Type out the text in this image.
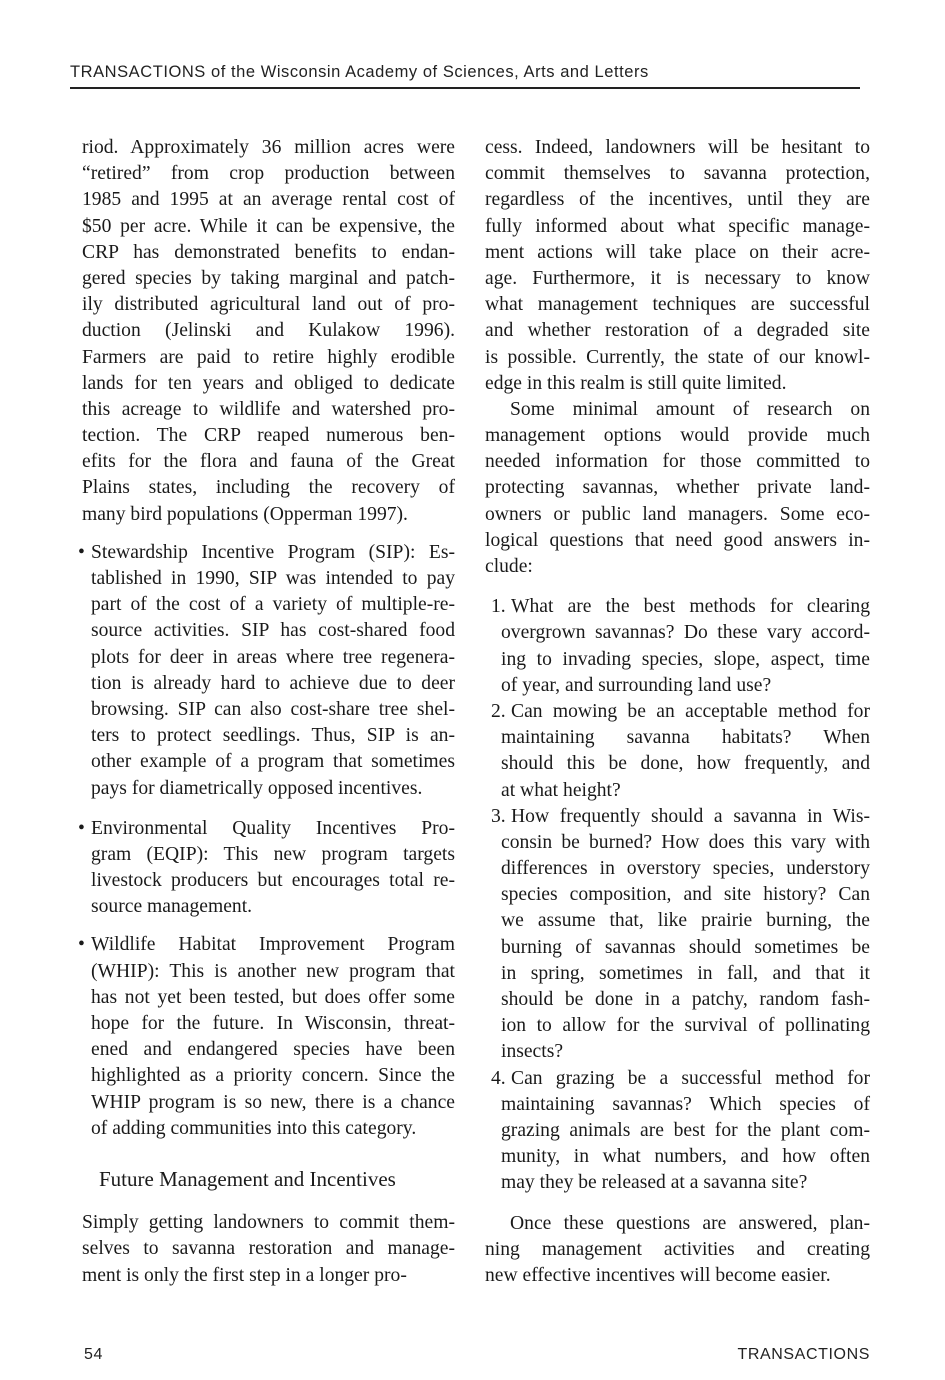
TRANSACTIONS of the Wisconsin Academy of Sciences, Arts and Letters
riod. Approximately 36 million acres were
“retired” from crop production between
1985 and 1995 at an average rental cost of
$50 per acre. While it can be expensive, the
CRP has demonstrated benefits to endan-
gered species by taking marginal and patch-
ily distributed agricultural land out of pro-
duction (Jelinski and Kulakow 1996).
Farmers are paid to retire highly erodible
lands for ten years and obliged to dedicate
this acreage to wildlife and watershed pro-
tection. The CRP reaped numerous ben-
efits for the flora and fauna of the Great
Plains states, including the recovery of
many bird populations (Opperman 1997).
• Stewardship Incentive Program (SIP): Es-
tablished in 1990, SIP was intended to pay
part of the cost of a variety of multiple-re-
source activities. SIP has cost-shared food
plots for deer in areas where tree regenera-
tion is already hard to achieve due to deer
browsing. SIP can also cost-share tree shel-
ters to protect seedlings. Thus, SIP is an-
other example of a program that sometimes
pays for diametrically opposed incentives.
• Environmental Quality Incentives Pro-
gram (EQIP): This new program targets
livestock producers but encourages total re-
source management.
• Wildlife Habitat Improvement Program
(WHIP): This is another new program that
has not yet been tested, but does offer some
hope for the future. In Wisconsin, threat-
ened and endangered species have been
highlighted as a priority concern. Since the
WHIP program is so new, there is a chance
of adding communities into this category.
Future Management and Incentives
Simply getting landowners to commit them-
selves to savanna restoration and manage-
ment is only the first step in a longer pro-
cess. Indeed, landowners will be hesitant to
commit themselves to savanna protection,
regardless of the incentives, until they are
fully informed about what specific manage-
ment actions will take place on their acre-
age. Furthermore, it is necessary to know
what management techniques are successful
and whether restoration of a degraded site
is possible. Currently, the state of our knowl-
edge in this realm is still quite limited.
Some minimal amount of research on
management options would provide much
needed information for those committed to
protecting savannas, whether private land-
owners or public land managers. Some eco-
logical questions that need good answers in-
clude:
1. What are the best methods for clearing
overgrown savannas? Do these vary accord-
ing to invading species, slope, aspect, time
of year, and surrounding land use?
2. Can mowing be an acceptable method for
maintaining savanna habitats? When
should this be done, how frequently, and
at what height?
3. How frequently should a savanna in Wis-
consin be burned? How does this vary with
differences in overstory species, understory
species composition, and site history? Can
we assume that, like prairie burning, the
burning of savannas should sometimes be
in spring, sometimes in fall, and that it
should be done in a patchy, random fash-
ion to allow for the survival of pollinating
insects?
4. Can grazing be a successful method for
maintaining savannas? Which species of
grazing animals are best for the plant com-
munity, in what numbers, and how often
may they be released at a savanna site?
Once these questions are answered, plan-
ning management activities and creating
new effective incentives will become easier.
54	TRANSACTIONS
